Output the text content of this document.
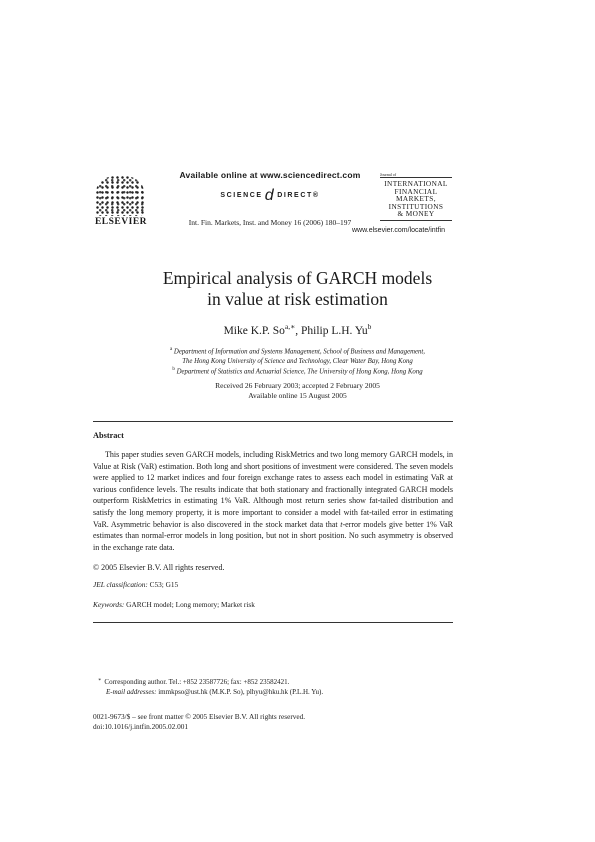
ELSEVIER
Available online at www.sciencedirect.com
SCIENCE d DIRECT®
Int. Fin. Markets, Inst. and Money 16 (2006) 180–197
Journal of
INTERNATIONAL
FINANCIAL
MARKETS,
INSTITUTIONS
& MONEY
www.elsevier.com/locate/intfin
Empirical analysis of GARCH models
in value at risk estimation
Mike K.P. $So^{a,∗}$, Philip L.H. Yu$^b$
$^a$ Department of Information and Systems Management, School of Business and Management,
The Hong Kong University of Science and Technology, Clear Water Bay, Hong Kong
$^b$ Department of Statistics and Actuarial Science, The University of Hong Kong, Hong Kong
Received 26 February 2003; accepted 2 February 2005
Available online 15 August 2005
Abstract

This paper studies seven GARCH models, including RiskMetrics and two long memory GARCH models, in Value at Risk (VaR) estimation. Both long and short positions of investment were considered. The seven models were applied to 12 market indices and four foreign exchange rates to assess each model in estimating VaR at various confidence levels. The results indicate that both stationary and fractionally integrated GARCH models outperform RiskMetrics in estimating 1% VaR. Although most return series show fat-tailed distribution and satisfy the long memory property, it is more important to consider a model with fat-tailed error in estimating VaR. Asymmetric behavior is also discovered in the stock market data that t-error models give better 1% VaR estimates than normal-error models in long position, but not in short position. No such asymmetry is observed in the exchange rate data.

© 2005 Elsevier B.V. All rights reserved.
JEL classification: C53; G15
Keywords: GARCH model; Long memory; Market risk
∗ Corresponding author. Tel.: +852 23587726; fax: +852 23582421.
E-mail addresses: immkpso@ust.hk (M.K.P. So), plhyu@hku.hk (P.L.H. Yu).
0021-9673/$ – see front matter © 2005 Elsevier B.V. All rights reserved.
doi:10.1016/j.intfin.2005.02.001
